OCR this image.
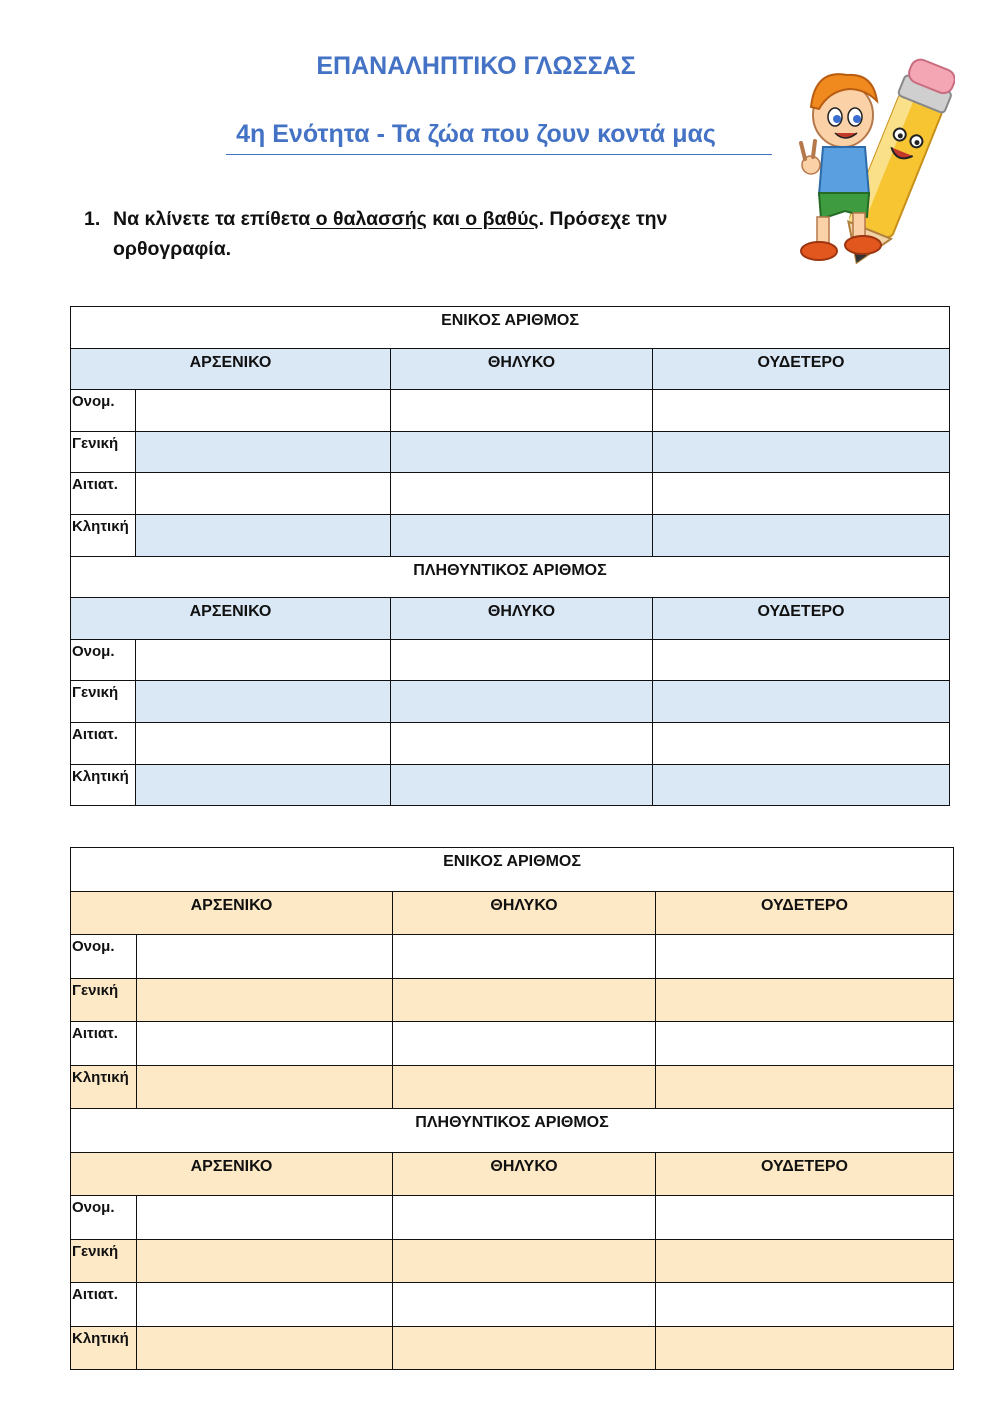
ΕΠΑΝΑΛΗΠΤΙΚΟ ΓΛΩΣΣΑΣ
4η Ενότητα - Τα ζώα που ζουν κοντά μας
1. Να κλίνετε τα επίθετα ο θαλασσής και ο βαθύς. Πρόσεχε την ορθογραφία.
ΕΝΙΚΟΣ ΑΡΙΘΜΟΣ			
ΑΡΣΕΝΙΚΟ		ΘΗΛΥΚΟ	ΟΥΔΕΤΕΡΟ
Ονομ.			
Γενική			
Αιτιατ.			
Κλητική			
ΠΛΗΘΥΝΤΙΚΟΣ ΑΡΙΘΜΟΣ			
ΑΡΣΕΝΙΚΟ		ΘΗΛΥΚΟ	ΟΥΔΕΤΕΡΟ
Ονομ.			
Γενική			
Αιτιατ.			
Κλητική			
ΕΝΙΚΟΣ ΑΡΙΘΜΟΣ			
ΑΡΣΕΝΙΚΟ		ΘΗΛΥΚΟ	ΟΥΔΕΤΕΡΟ
Ονομ.			
Γενική			
Αιτιατ.			
Κλητική			
ΠΛΗΘΥΝΤΙΚΟΣ ΑΡΙΘΜΟΣ			
ΑΡΣΕΝΙΚΟ		ΘΗΛΥΚΟ	ΟΥΔΕΤΕΡΟ
Ονομ.			
Γενική			
Αιτιατ.			
Κλητική			
